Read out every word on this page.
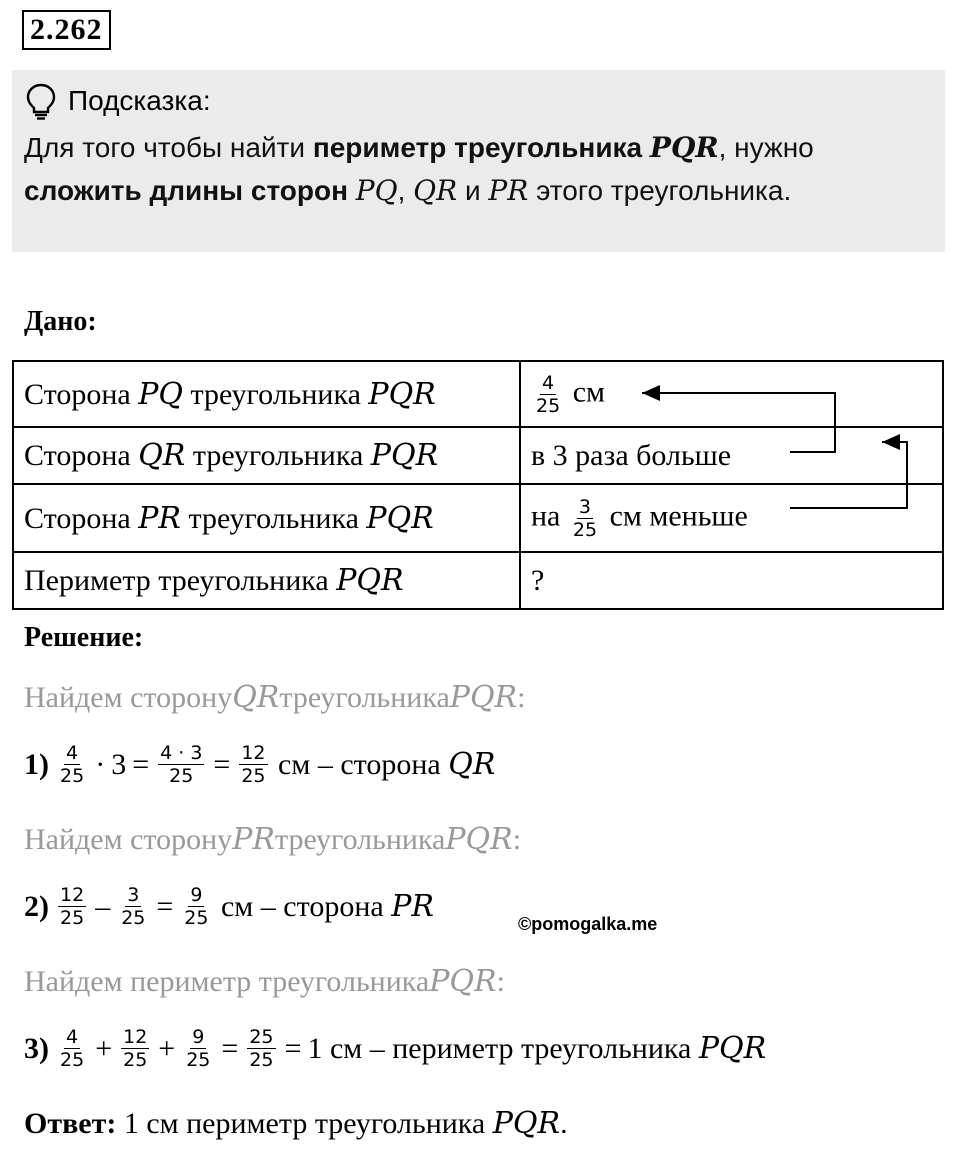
2.262
Подсказка:
Для того чтобы найти периметр треугольника PQR, нужно
сложить длины сторон PQ, QR и PR этого треугольника.
Дано:
Сторона PQ треугольника PQR	$\frac{4}{25}$ см
Сторона QR треугольника PQR	в 3 раза больше
Сторона PR треугольника PQR	на $\frac{3}{25}$ см меньше
Периметр треугольника PQR	?
Решение:
Найдем сторону QR треугольника PQR :
$1) \frac{4}{25} \cdot 3 = \frac{4 \cdot 3}{25} = \frac{12}{25}$ см – сторона QR
Найдем сторону PR треугольника PQR :
$2) \frac{12}{25} - \frac{3}{25} = \frac{9}{25}$ см – сторона PR	©pomogalka.me
Найдем периметр треугольника PQR :
$3) \frac{4}{25} + \frac{12}{25} + \frac{9}{25} = \frac{25}{25} = 1$ см – периметр треугольника PQR
Ответ: 1 см периметр треугольника PQR .
